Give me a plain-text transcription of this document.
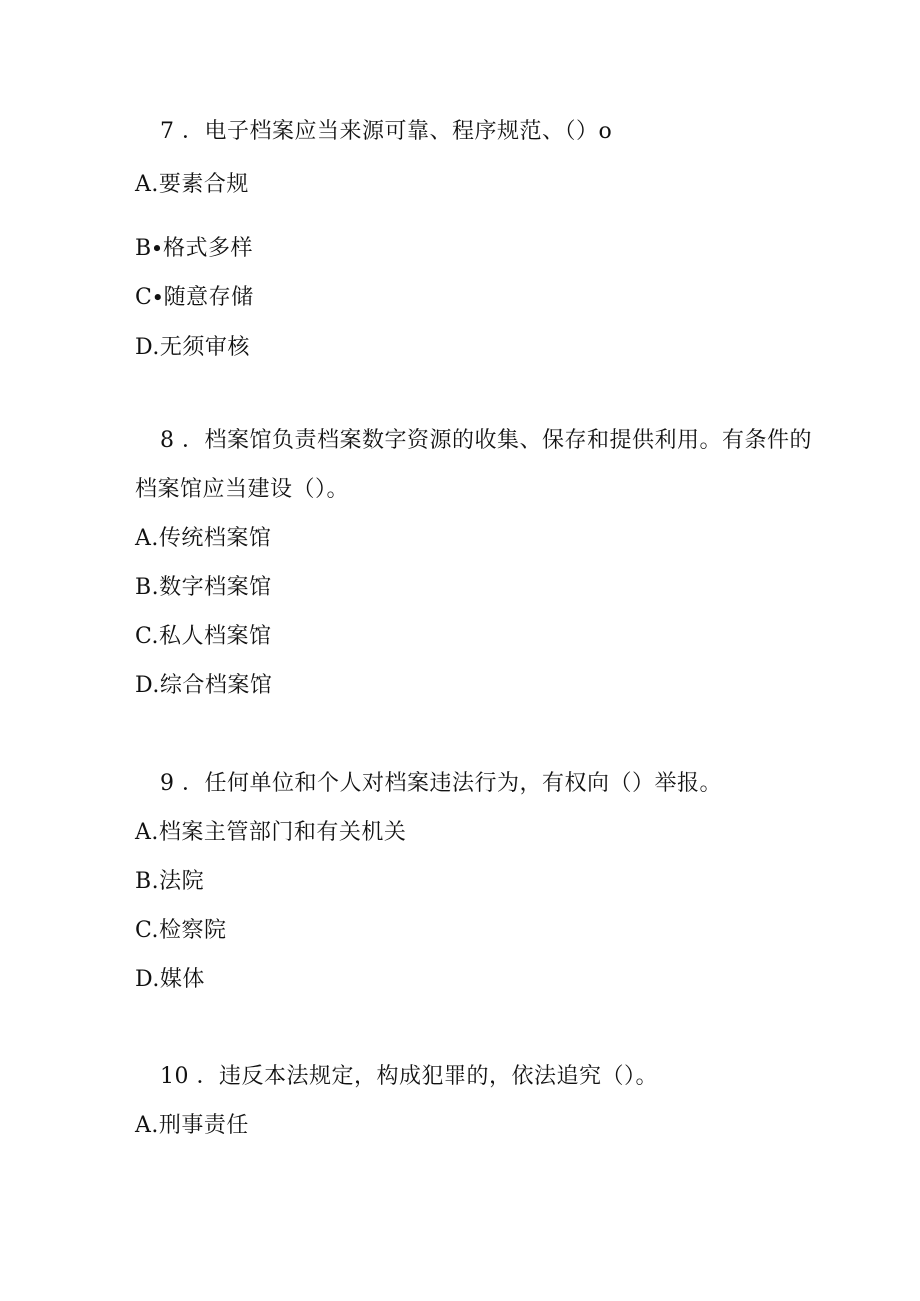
7 ．电子档案应当来源可靠、程序规范、（）o
A.要素合规
B∙格式多样
C∙随意存储
D.无须审核
8 ．档案馆负责档案数字资源的收集、保存和提供利用。有条件的
档案馆应当建设（）。
A.传统档案馆
B.数字档案馆
C.私人档案馆
D.综合档案馆
9 ．任何单位和个人对档案违法行为，有权向（）举报。
A.档案主管部门和有关机关
B.法院
C.检察院
D.媒体
10 ．违反本法规定，构成犯罪的，依法追究（）。
A.刑事责任
